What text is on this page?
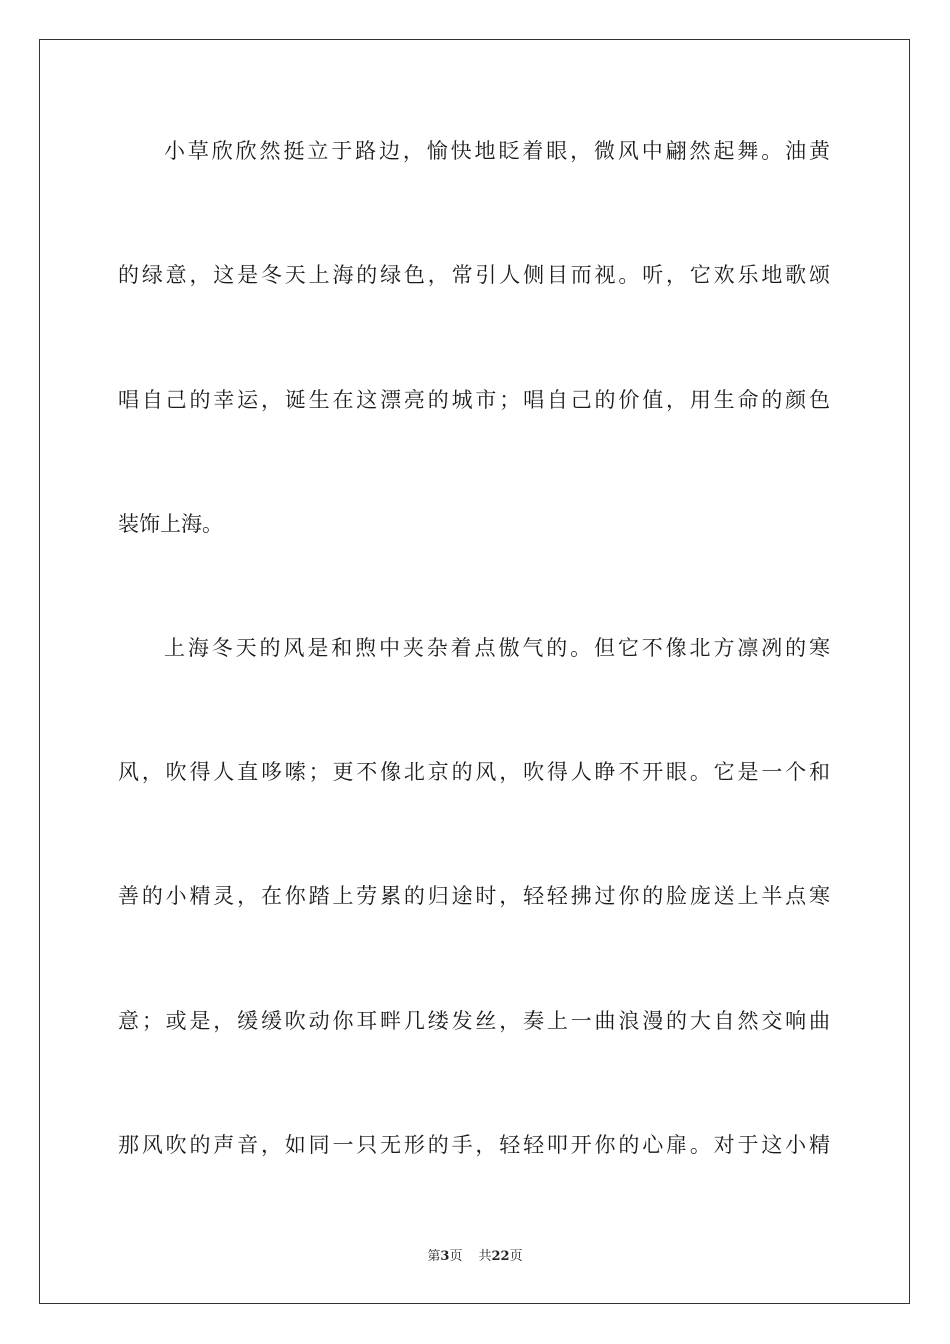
小草欣欣然挺立于路边，愉快地眨着眼，微风中翩然起舞。油黄
的绿意，这是冬天上海的绿色，常引人侧目而视。听，它欢乐地歌颂
唱自己的幸运，诞生在这漂亮的城市；唱自己的价值，用生命的颜色
装饰上海。
上海冬天的风是和煦中夹杂着点傲气的。但它不像北方凛冽的寒
风，吹得人直哆嗦；更不像北京的风，吹得人睁不开眼。它是一个和
善的小精灵，在你踏上劳累的归途时，轻轻拂过你的脸庞送上半点寒
意；或是，缓缓吹动你耳畔几缕发丝，奏上一曲浪漫的大自然交响曲
那风吹的声音，如同一只无形的手，轻轻叩开你的心扉。对于这小精
第3页 共22页
